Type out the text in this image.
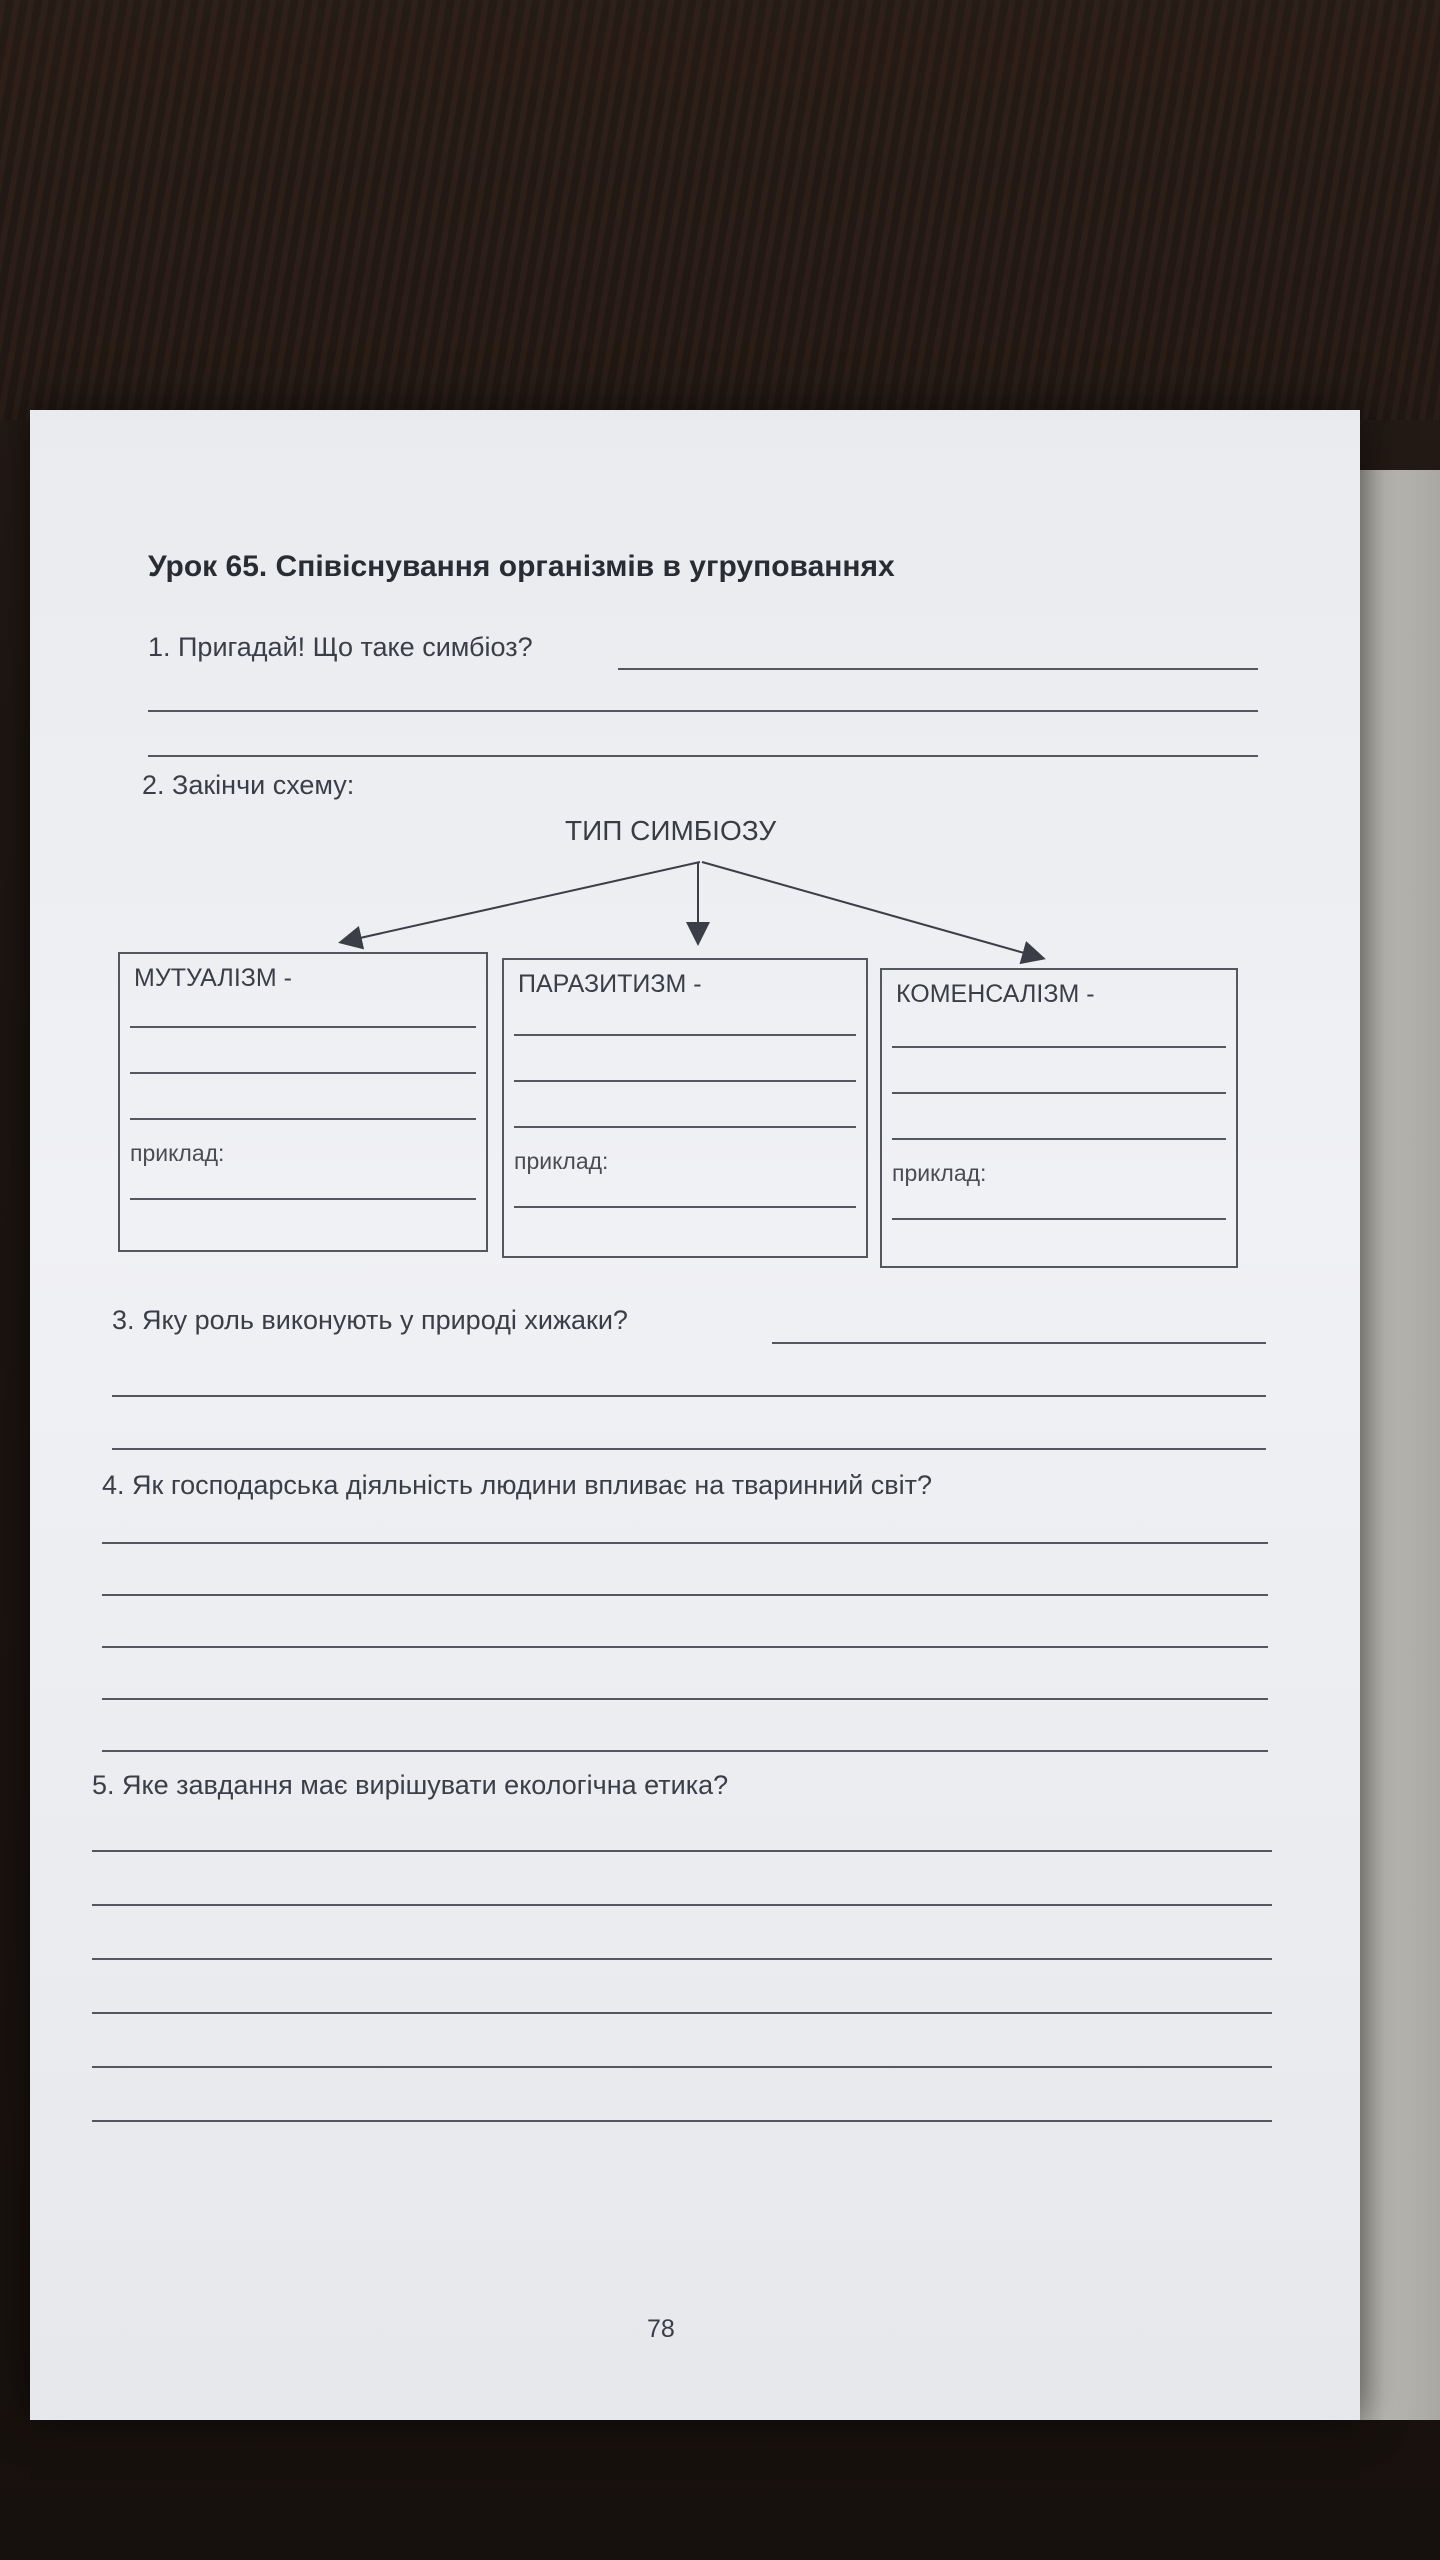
Урок 65. Співіснування організмів в угрупованнях
1. Пригадай! Що таке симбіоз?
2. Закінчи схему:
ТИП СИМБІОЗУ
МУТУАЛІЗМ -
приклад:
ПАРАЗИТИЗМ -
приклад:
КОМЕНСАЛІЗМ -
приклад:
3. Яку роль виконують у природі хижаки?
4. Як господарська діяльність людини впливає на тваринний світ?
5. Яке завдання має вирішувати екологічна етика?
78
